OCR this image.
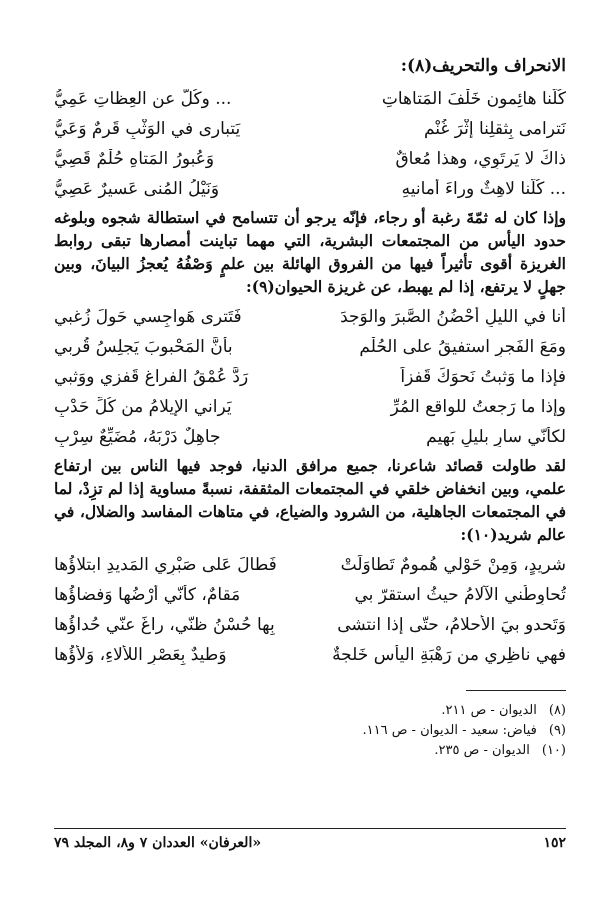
الانحراف والتحريف(٨):
كُلُّنا هائِمون خَلْفَ المَتاهاتِ
... وكُلٌّ عن العِظاتِ عَمِيُّ
نَترامى بِثقلِنا إثْرَ غُنْمٍ
يَتبارى في الوَثْبِ قَرمٌ وَعَيُّ
ذاكَ لا يَرتَوِي، وهذا مُعاقٌ
وَعُبورُ المَتاهِ حُلْمٌ قَصِيُّ
... كُلُّنا لاهِثٌ وراءَ أمانيهِ
وَنَيْلُ المُنى عَسيرٌ عَصِيُّ
وإذا كان له ثمّةَ رغبة أو رجاء، فإنّه يرجو أن تتسامح في استطالة شجوه وبلوغه حدود اليأس من المجتمعات البشرية، التي مهما تباينت أمصارها تبقى روابط الغريزة أقوى تأثيراً فيها من الفروق الهائلة بين علمٍ وَصْفُهُ يُعجزُ البيانَ، وبين جهلٍ لا يرتفع، إذا لم يهبط، عن غريزة الحيوان(٩):
أنا في الليلِ أحْضُنُ الصَّبرَ والوَجدَ
فَتَترى هَواجِسي حَولَ زُغبي
ومَعَ الفَجرِ استفيقُ على الحُلْمِ
بأنَّ المَحْبوبَ يَجلِسُ قُربي
فإذا ما وَثبتُ نَحوَكَ قَفزاً
رَدَّ عُمْقُ الفراغِ قَفزي ووَثبي
وإذا ما رَجعتُ للواقعِ المُرِّ
يَراني الإيلامُ من كُلِّ حَدْبِ
لكأنّي سارٍ بليلٍ بَهيمٍ
جاهِلٌ دَرْبَهُ، مُضَيِّعٌ سِرْبِ
لقد طاولت قصائد شاعرنا، جميع مرافق الدنيا، فوجد فيها الناس بين ارتفاع علمي، وبين انخفاض خلقي في المجتمعات المثقفة، نسبةً مساوية إذا لم تزِدْ، لما في المجتمعات الجاهلية، من الشرود والضياع، في متاهات المفاسد والضلال، في عالم شريد(١٠):
شريدٍ، وَمِنْ حَوْلي هُمومٌ تَطاوَلَتْ
فَطالَ عَلى صَبْرِي المَديدِ ابتلاؤُها
تُحاوِطُني الآلامُ حيثُ استقرّ بي
مَقامٌ، كأنّي أرْضُها وَفضاؤُها
وَتَحدو بيَ الأحلامُ، حتّى إذا انتشى
بِها حُسْنُ ظنّي، راغَ عنّي حُداؤُها
فهي ناظِري من رَهْبَةِ اليأسِ خَلجةٌ
وَطيدٌ بِعَصْرِ اللأْلاءِ، وَلأْؤُها
(٨)
الديوان - ص ٢١١.
(٩)
فياض: سعيد - الديوان - ص ١١٦.
(١٠)
الديوان - ص ٢٣٥.
١٥٢
«العرفان» العددان ٧ و٨، المجلد ٧٩
